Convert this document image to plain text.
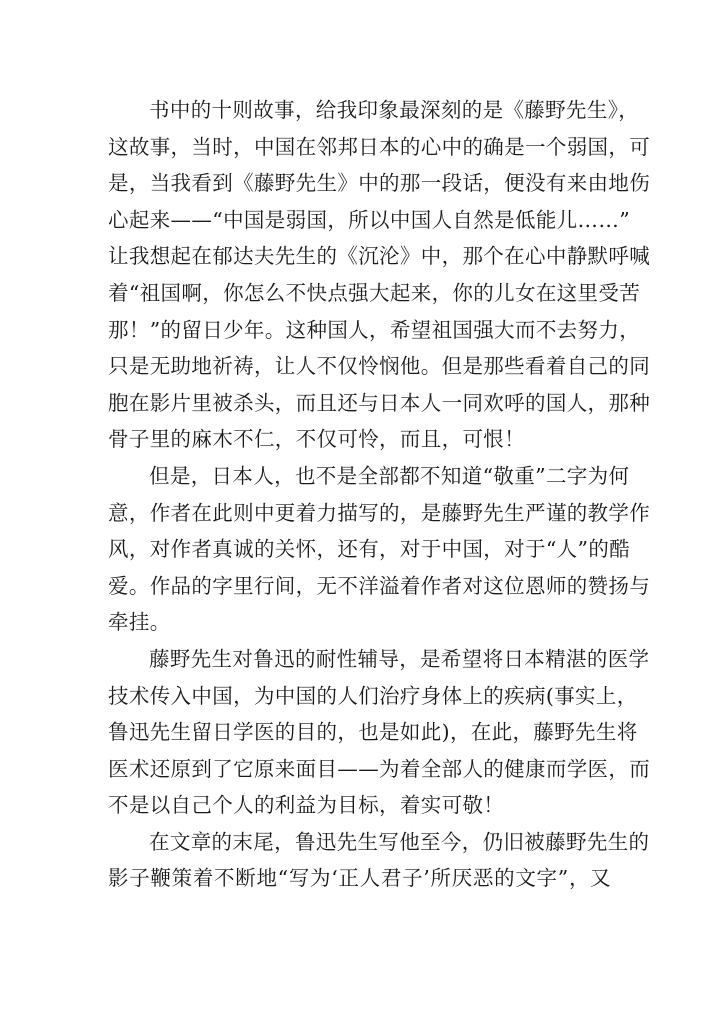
书中的十则故事，给我印象最深刻的是《藤野先生》，
这故事，当时，中国在邻邦日本的心中的确是一个弱国，可
是，当我看到《藤野先生》中的那一段话，便没有来由地伤
心起来——“中国是弱国，所以中国人自然是低能儿……”
让我想起在郁达夫先生的《沉沦》中，那个在心中静默呼喊
着“祖国啊，你怎么不快点强大起来，你的儿女在这里受苦
那！”的留日少年。这种国人，希望祖国强大而不去努力，
只是无助地祈祷，让人不仅怜悯他。但是那些看着自己的同
胞在影片里被杀头，而且还与日本人一同欢呼的国人，那种
骨子里的麻木不仁，不仅可怜，而且，可恨！
但是，日本人，也不是全部都不知道“敬重”二字为何
意，作者在此则中更着力描写的，是藤野先生严谨的教学作
风，对作者真诚的关怀，还有，对于中国，对于“人”的酷
爱。作品的字里行间，无不洋溢着作者对这位恩师的赞扬与
牵挂。
藤野先生对鲁迅的耐性辅导，是希望将日本精湛的医学
技术传入中国，为中国的人们治疗身体上的疾病(事实上，
鲁迅先生留日学医的目的，也是如此)，在此，藤野先生将
医术还原到了它原来面目——为着全部人的健康而学医，而
不是以自己个人的利益为目标，着实可敬！
在文章的末尾，鲁迅先生写他至今，仍旧被藤野先生的
影子鞭策着不断地“写为‘正人君子’所厌恶的文字”，又
